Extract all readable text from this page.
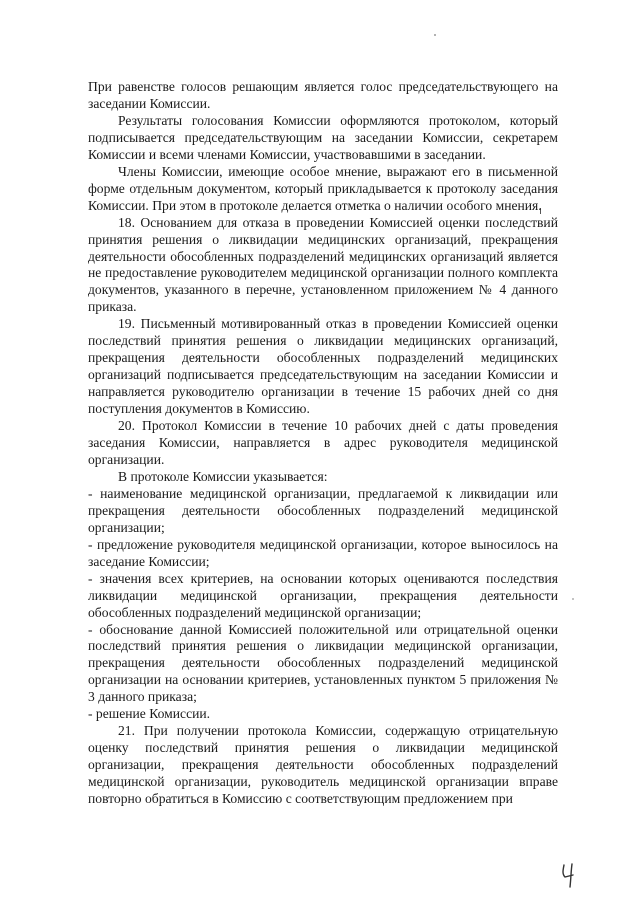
При равенстве голосов решающим является голос председательствующего на заседании Комиссии.

Результаты голосования Комиссии оформляются протоколом, который подписывается председательствующим на заседании Комиссии, секретарем Комиссии и всеми членами Комиссии, участвовавшими в заседании.

Члены Комиссии, имеющие особое мнение, выражают его в письменной форме отдельным документом, который прикладывается к протоколу заседания Комиссии. При этом в протоколе делается отметка о наличии особого мнения.

18. Основанием для отказа в проведении Комиссией оценки последствий принятия решения о ликвидации медицинских организаций, прекращения деятельности обособленных подразделений медицинских организаций является не предоставление руководителем медицинской организации полного комплекта документов, указанного в перечне, установленном приложением № 4 данного приказа.

19. Письменный мотивированный отказ в проведении Комиссией оценки последствий принятия решения о ликвидации медицинских организаций, прекращения деятельности обособленных подразделений медицинских организаций подписывается председательствующим на заседании Комиссии и направляется руководителю организации в течение 15 рабочих дней со дня поступления документов в Комиссию.

20. Протокол Комиссии в течение 10 рабочих дней с даты проведения заседания Комиссии, направляется в адрес руководителя медицинской организации.

В протоколе Комиссии указывается:

- наименование медицинской организации, предлагаемой к ликвидации или прекращения деятельности обособленных подразделений медицинской организации;

- предложение руководителя медицинской организации, которое выносилось на заседание Комиссии;

- значения всех критериев, на основании которых оцениваются последствия ликвидации медицинской организации, прекращения деятельности обособленных подразделений медицинской организации;

- обоснование данной Комиссией положительной или отрицательной оценки последствий принятия решения о ликвидации медицинской организации, прекращения деятельности обособленных подразделений медицинской организации на основании критериев, установленных пунктом 5 приложения № 3 данного приказа;

- решение Комиссии.

21. При получении протокола Комиссии, содержащую отрицательную оценку последствий принятия решения о ликвидации медицинской организации, прекращения деятельности обособленных подразделений медицинской организации, руководитель медицинской организации вправе повторно обратиться в Комиссию с соответствующим предложением при
